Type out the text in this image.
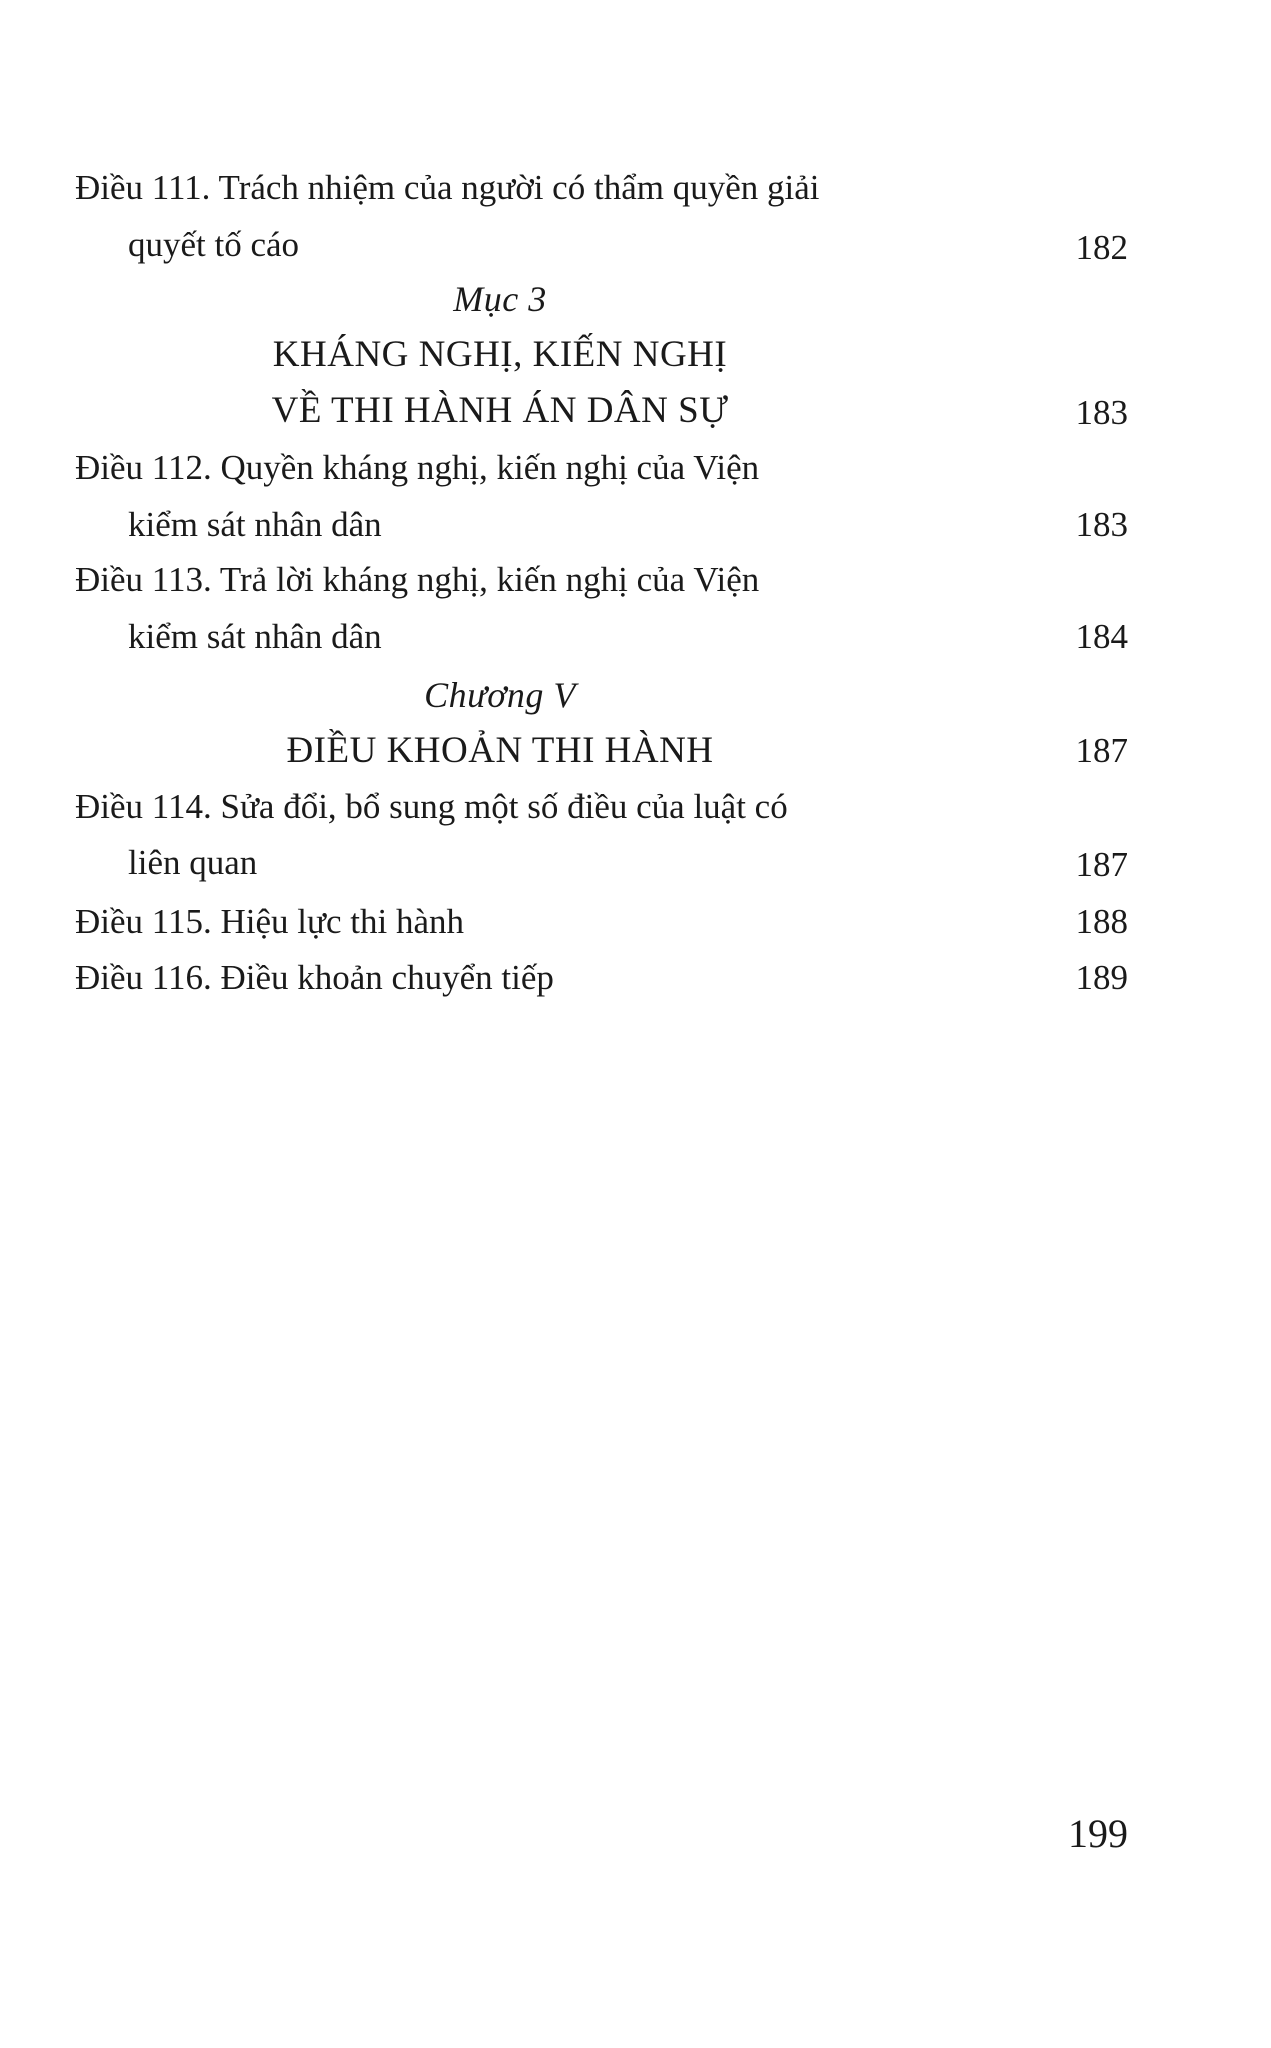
Điều 111. Trách nhiệm của người có thẩm quyền giải
quyết tố cáo	182
Mục 3
KHÁNG NGHỊ, KIẾN NGHỊ
VỀ THI HÀNH ÁN DÂN SỰ	183
Điều 112. Quyền kháng nghị, kiến nghị của Viện
kiểm sát nhân dân	183
Điều 113. Trả lời kháng nghị, kiến nghị của Viện
kiểm sát nhân dân	184
Chương V
ĐIỀU KHOẢN THI HÀNH	187
Điều 114. Sửa đổi, bổ sung một số điều của luật có
liên quan	187
Điều 115. Hiệu lực thi hành	188
Điều 116. Điều khoản chuyển tiếp	189
199
